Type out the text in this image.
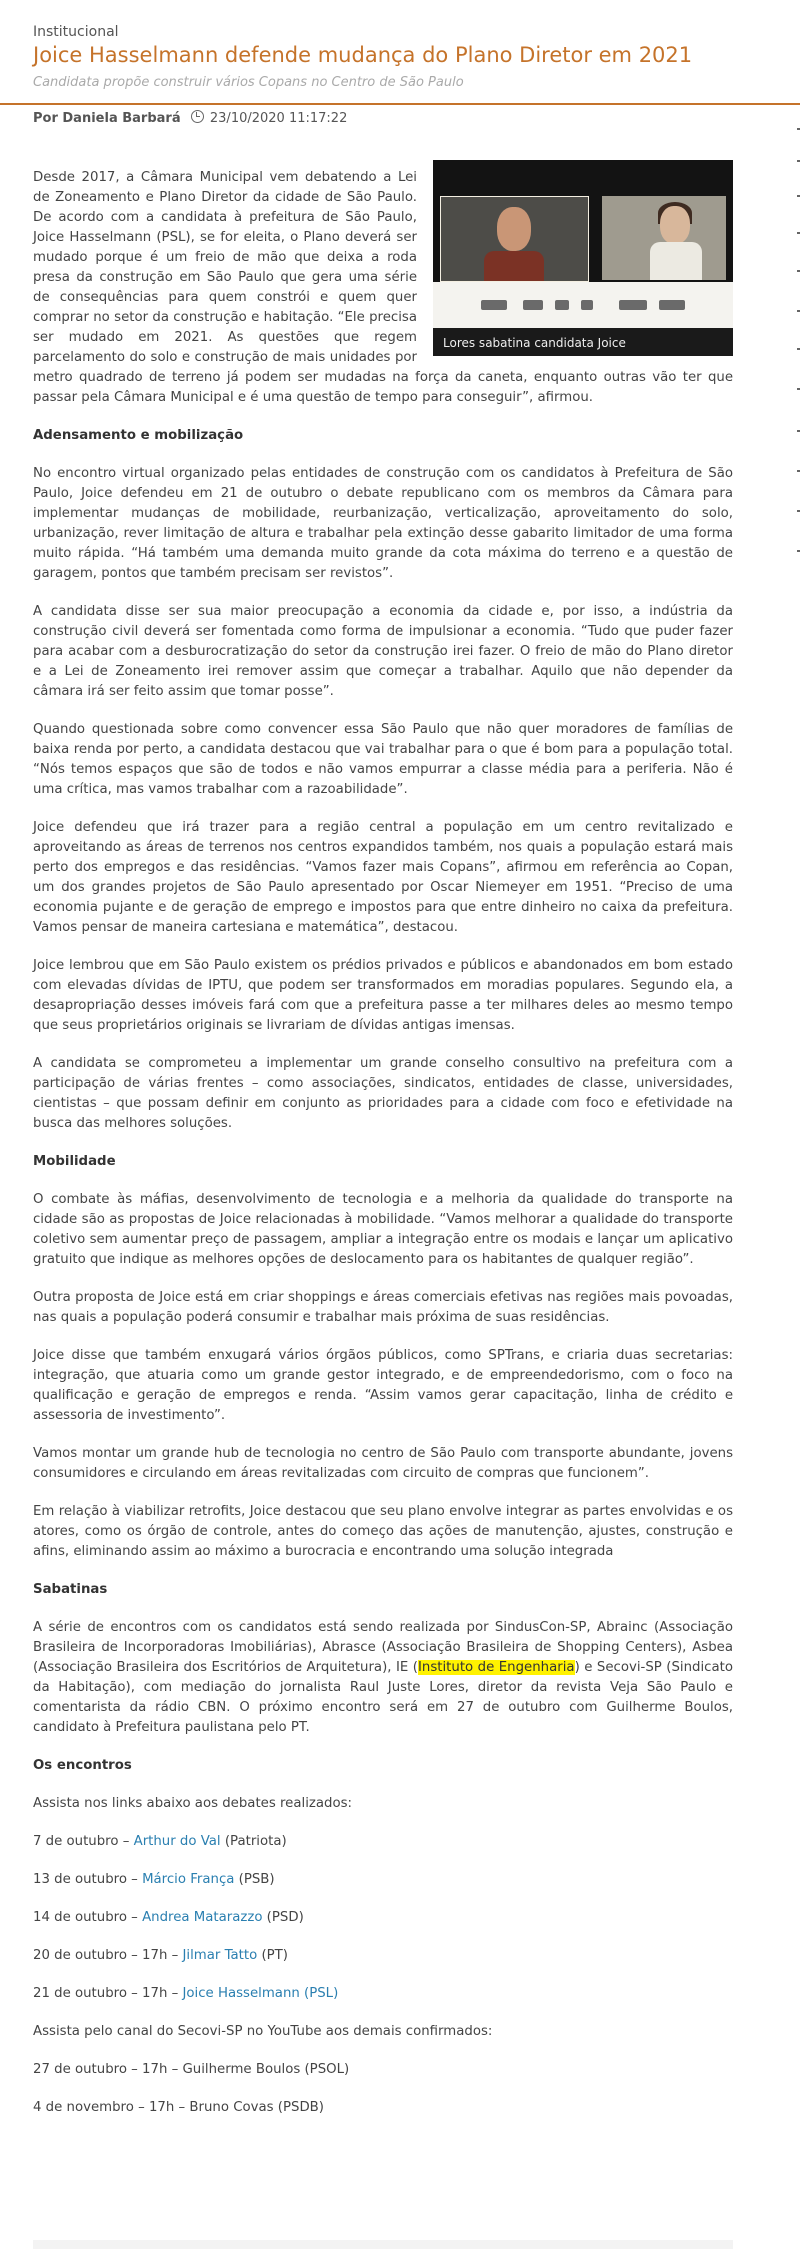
Institucional
Joice Hasselmann defende mudança do Plano Diretor em 2021
Candidata propõe construir vários Copans no Centro de São Paulo
Por Daniela Barbará 23/10/2020 11:17:22
Lores sabatina candidata Joice

Desde 2017, a Câmara Municipal vem debatendo a Lei de Zoneamento e Plano Diretor da cidade de São Paulo. De acordo com a candidata à prefeitura de São Paulo, Joice Hasselmann (PSL), se for eleita, o Plano deverá ser mudado porque é um freio de mão que deixa a roda presa da construção em São Paulo que gera uma série de consequências para quem constrói e quem quer comprar no setor da construção e habitação. “Ele precisa ser mudado em 2021. As questões que regem parcelamento do solo e construção de mais unidades por metro quadrado de terreno já podem ser mudadas na força da caneta, enquanto outras vão ter que passar pela Câmara Municipal e é uma questão de tempo para conseguir”, afirmou.

Adensamento e mobilização

No encontro virtual organizado pelas entidades de construção com os candidatos à Prefeitura de São Paulo, Joice defendeu em 21 de outubro o debate republicano com os membros da Câmara para implementar mudanças de mobilidade, reurbanização, verticalização, aproveitamento do solo, urbanização, rever limitação de altura e trabalhar pela extinção desse gabarito limitador de uma forma muito rápida. “Há também uma demanda muito grande da cota máxima do terreno e a questão de garagem, pontos que também precisam ser revistos”.

A candidata disse ser sua maior preocupação a economia da cidade e, por isso, a indústria da construção civil deverá ser fomentada como forma de impulsionar a economia. “Tudo que puder fazer para acabar com a desburocratização do setor da construção irei fazer. O freio de mão do Plano diretor e a Lei de Zoneamento irei remover assim que começar a trabalhar. Aquilo que não depender da câmara irá ser feito assim que tomar posse”.

Quando questionada sobre como convencer essa São Paulo que não quer moradores de famílias de baixa renda por perto, a candidata destacou que vai trabalhar para o que é bom para a população total. “Nós temos espaços que são de todos e não vamos empurrar a classe média para a periferia. Não é uma crítica, mas vamos trabalhar com a razoabilidade”.

Joice defendeu que irá trazer para a região central a população em um centro revitalizado e aproveitando as áreas de terrenos nos centros expandidos também, nos quais a população estará mais perto dos empregos e das residências. “Vamos fazer mais Copans”, afirmou em referência ao Copan, um dos grandes projetos de São Paulo apresentado por Oscar Niemeyer em 1951. “Preciso de uma economia pujante e de geração de emprego e impostos para que entre dinheiro no caixa da prefeitura. Vamos pensar de maneira cartesiana e matemática”, destacou.

Joice lembrou que em São Paulo existem os prédios privados e públicos e abandonados em bom estado com elevadas dívidas de IPTU, que podem ser transformados em moradias populares. Segundo ela, a desapropriação desses imóveis fará com que a prefeitura passe a ter milhares deles ao mesmo tempo que seus proprietários originais se livrariam de dívidas antigas imensas.

A candidata se comprometeu a implementar um grande conselho consultivo na prefeitura com a participação de várias frentes – como associações, sindicatos, entidades de classe, universidades, cientistas – que possam definir em conjunto as prioridades para a cidade com foco e efetividade na busca das melhores soluções.

Mobilidade

O combate às máfias, desenvolvimento de tecnologia e a melhoria da qualidade do transporte na cidade são as propostas de Joice relacionadas à mobilidade. “Vamos melhorar a qualidade do transporte coletivo sem aumentar preço de passagem, ampliar a integração entre os modais e lançar um aplicativo gratuito que indique as melhores opções de deslocamento para os habitantes de qualquer região”.

Outra proposta de Joice está em criar shoppings e áreas comerciais efetivas nas regiões mais povoadas, nas quais a população poderá consumir e trabalhar mais próxima de suas residências.

Joice disse que também enxugará vários órgãos públicos, como SPTrans, e criaria duas secretarias: integração, que atuaria como um grande gestor integrado, e de empreendedorismo, com o foco na qualificação e geração de empregos e renda. “Assim vamos gerar capacitação, linha de crédito e assessoria de investimento”.

Vamos montar um grande hub de tecnologia no centro de São Paulo com transporte abundante, jovens consumidores e circulando em áreas revitalizadas com circuito de compras que funcionem”.

Em relação à viabilizar retrofits, Joice destacou que seu plano envolve integrar as partes envolvidas e os atores, como os órgão de controle, antes do começo das ações de manutenção, ajustes, construção e afins, eliminando assim ao máximo a burocracia e encontrando uma solução integrada

Sabatinas

A série de encontros com os candidatos está sendo realizada por SindusCon-SP, Abrainc (Associação Brasileira de Incorporadoras Imobiliárias), Abrasce (Associação Brasileira de Shopping Centers), Asbea (Associação Brasileira dos Escritórios de Arquitetura), IE (Instituto de Engenharia) e Secovi-SP (Sindicato da Habitação), com mediação do jornalista Raul Juste Lores, diretor da revista Veja São Paulo e comentarista da rádio CBN. O próximo encontro será em 27 de outubro com Guilherme Boulos, candidato à Prefeitura paulistana pelo PT.

Os encontros

Assista nos links abaixo aos debates realizados:

7 de outubro – Arthur do Val (Patriota)

13 de outubro – Márcio França (PSB)

14 de outubro – Andrea Matarazzo (PSD)

20 de outubro – 17h – Jilmar Tatto (PT)

21 de outubro – 17h – Joice Hasselmann (PSL)

Assista pelo canal do Secovi-SP no YouTube aos demais confirmados:

27 de outubro – 17h – Guilherme Boulos (PSOL)

4 de novembro – 17h – Bruno Covas (PSDB)
